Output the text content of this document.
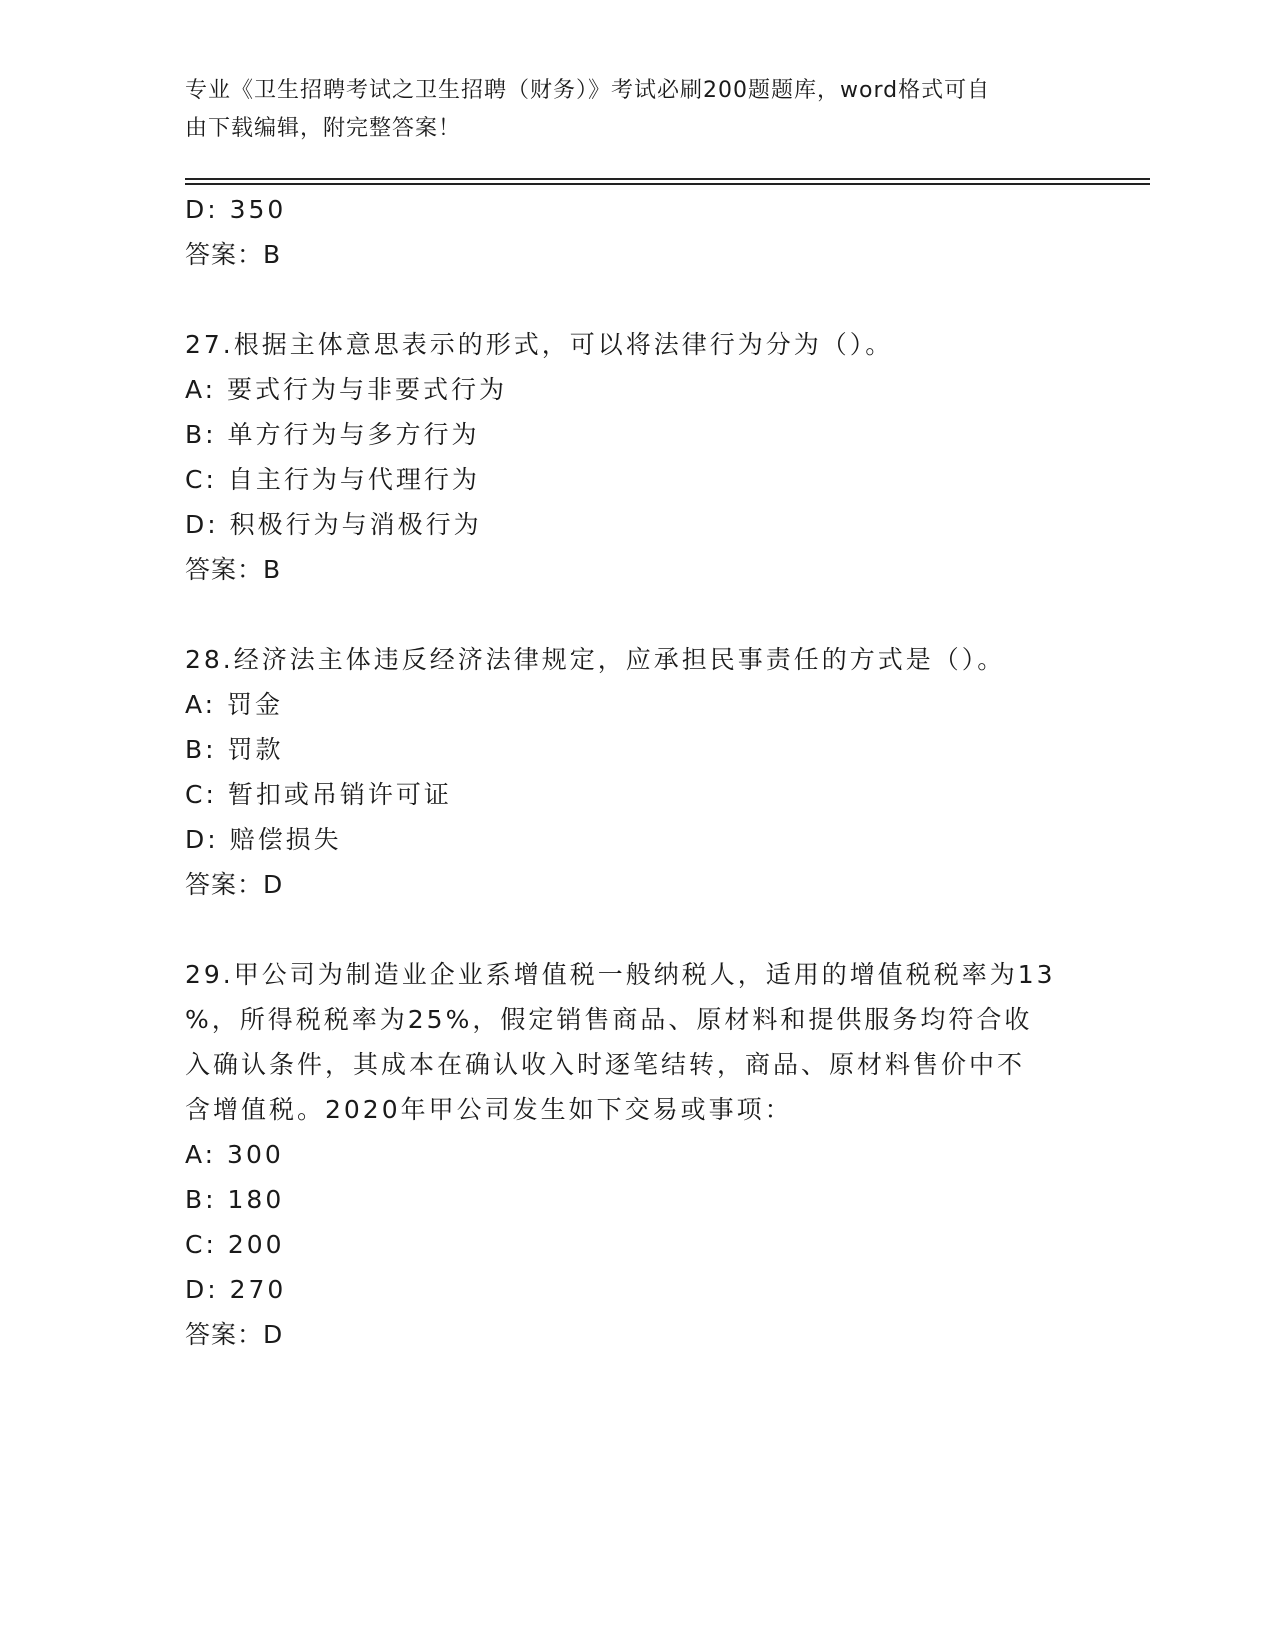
专业《卫生招聘考试之卫生招聘（财务）》考试必刷200题题库，word格式可自
由下载编辑，附完整答案！
D: 350
答案：B
27.根据主体意思表示的形式，可以将法律行为分为（）。
A: 要式行为与非要式行为
B: 单方行为与多方行为
C: 自主行为与代理行为
D: 积极行为与消极行为
答案：B
28.经济法主体违反经济法律规定，应承担民事责任的方式是（）。
A: 罚金
B: 罚款
C: 暂扣或吊销许可证
D: 赔偿损失
答案：D
29.甲公司为制造业企业系增值税一般纳税人，适用的增值税税率为13
%，所得税税率为25%，假定销售商品、原材料和提供服务均符合收
入确认条件，其成本在确认收入时逐笔结转，商品、原材料售价中不
含增值税。2020年甲公司发生如下交易或事项：
A: 300
B: 180
C: 200
D: 270
答案：D
